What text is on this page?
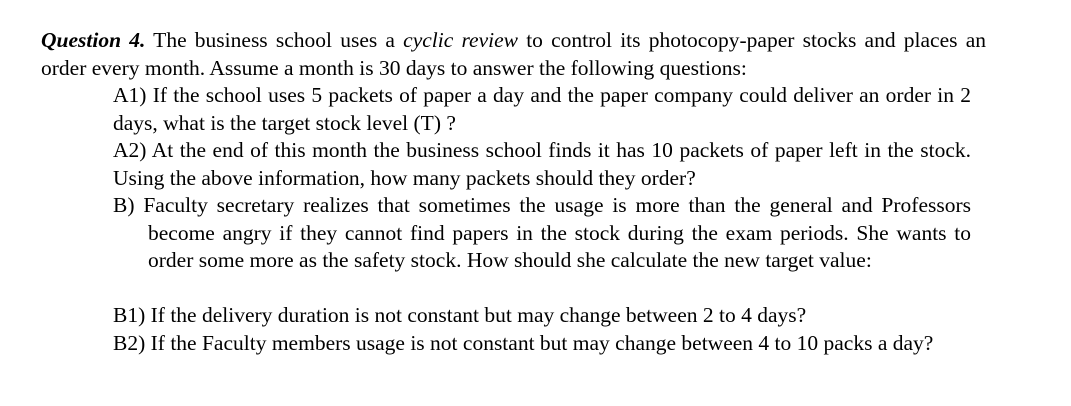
Question 4. The business school uses a cyclic review to control its photocopy-paper stocks and places an order every month. Assume a month is 30 days to answer the following questions:
A1) If the school uses 5 packets of paper a day and the paper company could deliver an order in 2 days, what is the target stock level (T) ?
A2) At the end of this month the business school finds it has 10 packets of paper left in the stock. Using the above information, how many packets should they order?
B) Faculty secretary realizes that sometimes the usage is more than the general and Professors become angry if they cannot find papers in the stock during the exam periods. She wants to order some more as the safety stock. How should she calculate the new target value:
B1) If the delivery duration is not constant but may change between 2 to 4 days?
B2) If the Faculty members usage is not constant but may change between 4 to 10 packs a day?
